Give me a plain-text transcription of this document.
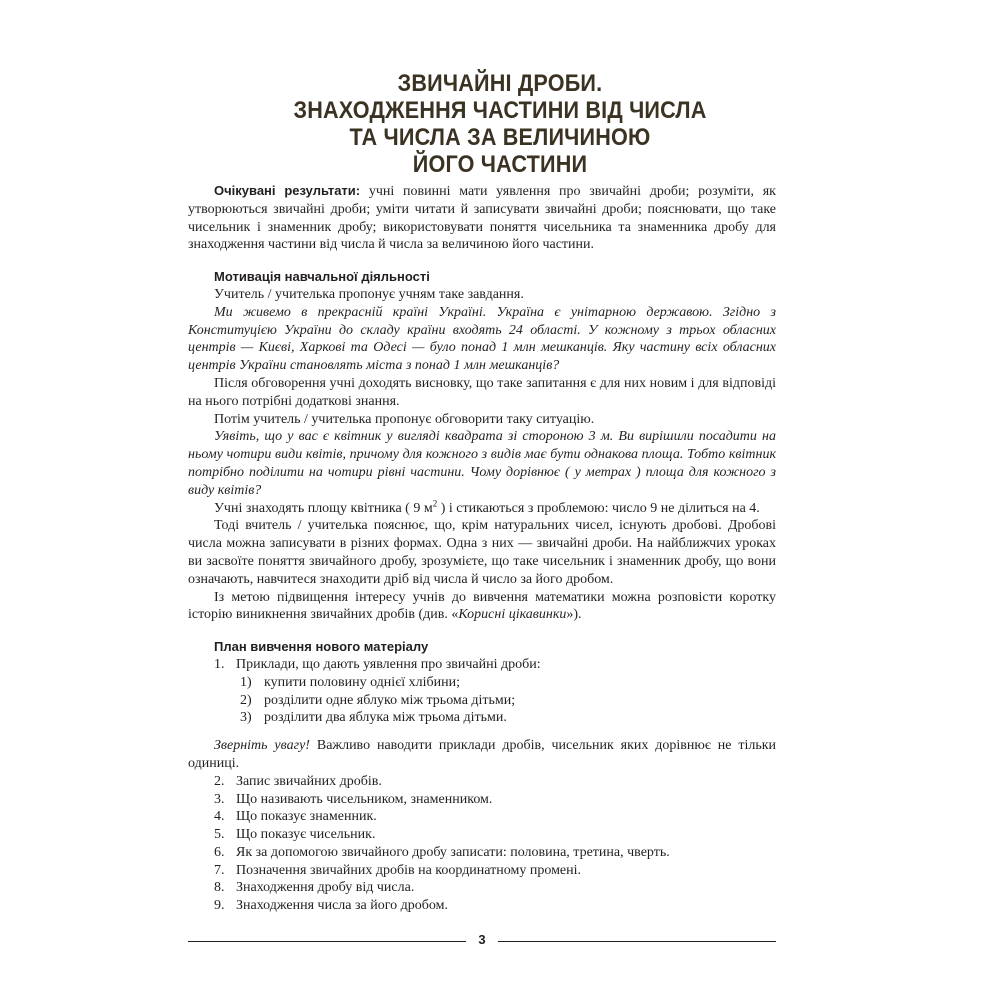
ЗВИЧАЙНІ ДРОБИ.
ЗНАХОДЖЕННЯ ЧАСТИНИ ВІД ЧИСЛА
ТА ЧИСЛА ЗА ВЕЛИЧИНОЮ
ЙОГО ЧАСТИНИ

Очікувані результати: учні повинні мати уявлення про звичайні дроби; розуміти, як утворюються звичайні дроби; уміти читати й записувати звичайні дроби; пояснювати, що таке чисельник і знаменник дробу; використовувати поняття чисельника та знаменника дробу для знаходження частини від числа й числа за величиною його частини.

Мотивація навчальної діяльності

Учитель / учителька пропонує учням таке завдання.

Ми живемо в прекрасній країні Україні. Україна є унітарною державою. Згідно з Конституцією України до складу країни входять 24 області. У кожному з трьох обласних центрів — Києві, Харкові та Одесі — було понад 1 млн мешканців. Яку частину всіх обласних центрів України становлять міста з понад 1 млн мешканців?

Після обговорення учні доходять висновку, що таке запитання є для них новим і для відповіді на нього потрібні додаткові знання.

Потім учитель / учителька пропонує обговорити таку ситуацію.

Уявіть, що у вас є квітник у вигляді квадрата зі стороною 3 м. Ви вирішили посадити на ньому чотири види квітів, причому для кожного з видів має бути однакова площа. Тобто квітник потрібно поділити на чотири рівні частини. Чому дорівнює ( у метрах ) площа для кожного з виду квітів?

Учні знаходять площу квітника ( 9 $м^2$ ) і стикаються з проблемою: число 9 не ділиться на 4.

Тоді вчитель / учителька пояснює, що, крім натуральних чисел, існують дробові. Дробові числа можна записувати в різних формах. Одна з них — звичайні дроби. На найближчих уроках ви засвоїте поняття звичайного дробу, зрозумієте, що таке чисельник і знаменник дробу, що вони означають, навчитеся знаходити дріб від числа й число за його дробом.

Із метою підвищення інтересу учнів до вивчення математики можна розповісти коротку історію виникнення звичайних дробів (див. «Корисні цікавинки»).

План вивчення нового матеріалу

1. Приклади, що дають уявлення про звичайні дроби:
1) купити половину однієї хлібини;
2) розділити одне яблуко між трьома дітьми;
3) розділити два яблука між трьома дітьми.

Зверніть увагу! Важливо наводити приклади дробів, чисельник яких дорівнює не тільки одиниці.

2. Запис звичайних дробів.
3. Що називають чисельником, знаменником.
4. Що показує знаменник.
5. Що показує чисельник.
6. Як за допомогою звичайного дробу записати: половина, третина, чверть.
7. Позначення звичайних дробів на координатному промені.
8. Знаходження дробу від числа.
9. Знаходження числа за його дробом.
3
